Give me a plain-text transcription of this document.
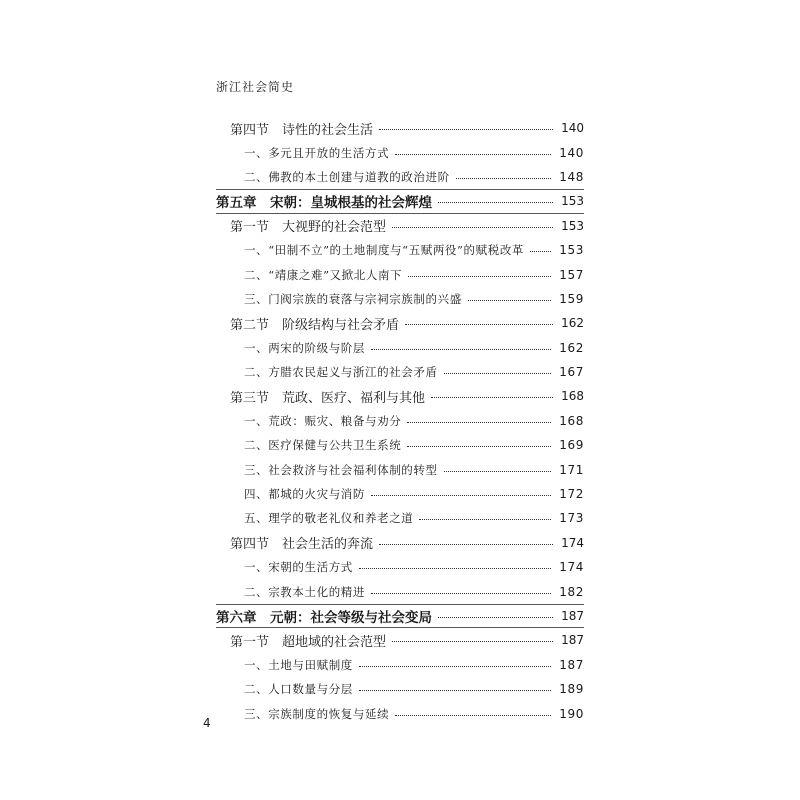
浙江社会简史
第四节　诗性的社会生活	140
一、多元且开放的生活方式	140
二、佛教的本土创建与道教的政治进阶	148
第五章　宋朝：皇城根基的社会辉煌	153
第一节　大视野的社会范型	153
一、“田制不立”的土地制度与“五赋两役”的赋税改革	153
二、“靖康之难”又掀北人南下	157
三、门阀宗族的衰落与宗祠宗族制的兴盛	159
第二节　阶级结构与社会矛盾	162
一、两宋的阶级与阶层	162
二、方腊农民起义与浙江的社会矛盾	167
第三节　荒政、医疗、福利与其他	168
一、荒政：赈灾、粮备与劝分	168
二、医疗保健与公共卫生系统	169
三、社会救济与社会福利体制的转型	171
四、都城的火灾与消防	172
五、理学的敬老礼仪和养老之道	173
第四节　社会生活的奔流	174
一、宋朝的生活方式	174
二、宗教本土化的精进	182
第六章　元朝：社会等级与社会变局	187
第一节　超地域的社会范型	187
一、土地与田赋制度	187
二、人口数量与分层	189
三、宗族制度的恢复与延续	190
4
